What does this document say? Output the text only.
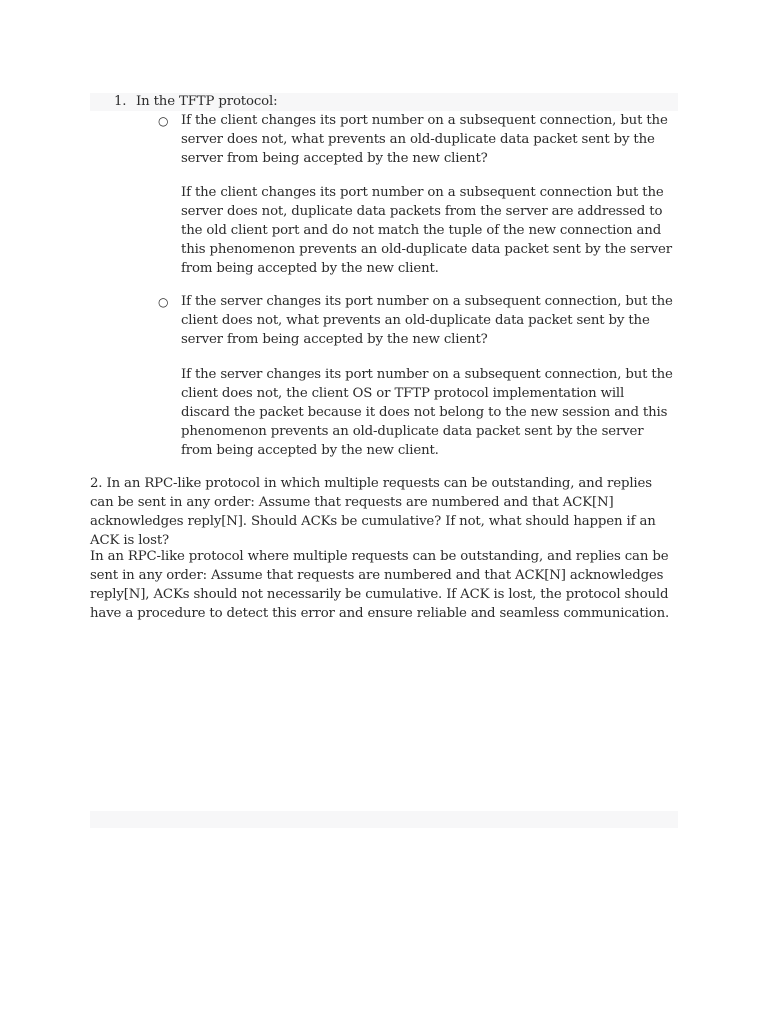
1. In the TFTP protocol:
○ If the client changes its port number on a subsequent connection, but the server does not, what prevents an old-duplicate data packet sent by the server from being accepted by the new client?
If the client changes its port number on a subsequent connection but the server does not, duplicate data packets from the server are addressed to the old client port and do not match the tuple of the new connection and this phenomenon prevents an old-duplicate data packet sent by the server from being accepted by the new client.
○ If the server changes its port number on a subsequent connection, but the client does not, what prevents an old-duplicate data packet sent by the server from being accepted by the new client?
If the server changes its port number on a subsequent connection, but the client does not, the client OS or TFTP protocol implementation will discard the packet because it does not belong to the new session and this phenomenon prevents an old-duplicate data packet sent by the server from being accepted by the new client.
2. In an RPC-like protocol in which multiple requests can be outstanding, and replies can be sent in any order: Assume that requests are numbered and that ACK[N] acknowledges reply[N]. Should ACKs be cumulative? If not, what should happen if an ACK is lost?
In an RPC-like protocol where multiple requests can be outstanding, and replies can be sent in any order: Assume that requests are numbered and that ACK[N] acknowledges reply[N], ACKs should not necessarily be cumulative. If ACK is lost, the protocol should have a procedure to detect this error and ensure reliable and seamless communication.
